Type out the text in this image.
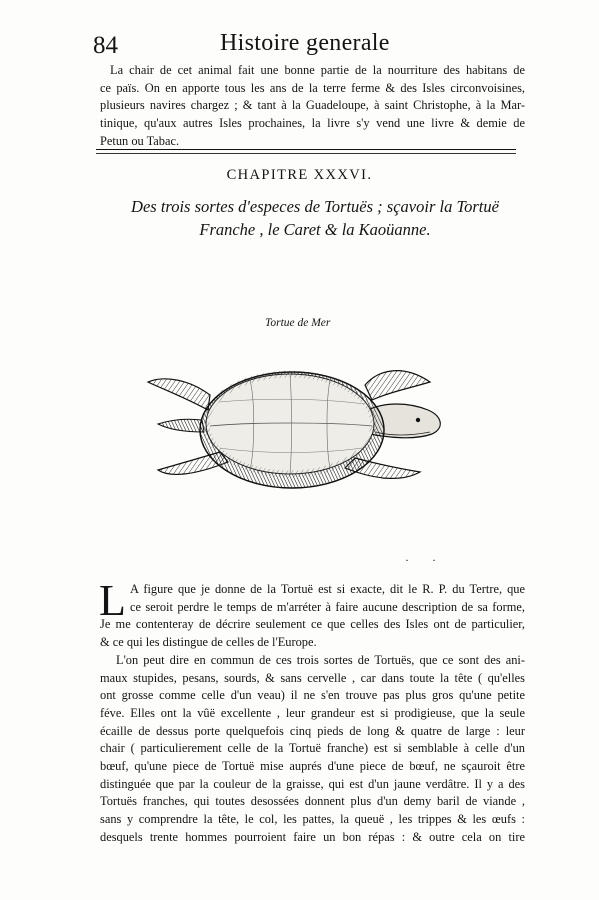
84	Histoire generale
La chair de cet animal fait une bonne partie de la nourriture des habitans de
ce païs. On en apporte tous les ans de la terre ferme & des Isles circonvoisines,
plusieurs navires chargez ; & tant à la Guadeloupe, à saint Christophe, à la Mar-
tinique, qu'aux autres Isles prochaines, la livre s'y vend une livre & demie de
Petun ou Tabac.
CHAPITRE XXXVI.
Des trois sortes d'especes de Tortuës ; sçavoir la Tortuë
Franche , le Caret & la Kaoüanne.
Tortue de Mer
· ·
L A figure que je donne de la Tortuë est si exacte, dit le R. P. du Tertre, que
ce seroit perdre le temps de m'arréter à faire aucune description de sa forme,
Je me contenteray de décrire seulement ce que celles des Isles ont de particulier,
& ce qui les distingue de celles de l'Europe.
L'on peut dire en commun de ces trois sortes de Tortuës, que ce sont des ani-
maux stupides, pesans, sourds, & sans cervelle , car dans toute la tête ( qu'elles
ont grosse comme celle d'un veau) il ne s'en trouve pas plus gros qu'une petite
féve. Elles ont la vûë excellente , leur grandeur est si prodigieuse, que la seule
écaille de dessus porte quelquefois cinq pieds de long & quatre de large : leur
chair ( particulierement celle de la Tortuë franche) est si semblable à celle d'un
bœuf, qu'une piece de Tortuë mise auprés d'une piece de bœuf, ne sçauroit être
distinguée que par la couleur de la graisse, qui est d'un jaune verdâtre. Il y a des
Tortuës franches, qui toutes desossées donnent plus d'un demy baril de viande ,
sans y comprendre la tête, le col, les pattes, la queuë , les trippes & les œufs :
desquels trente hommes pourroient faire un bon répas : & outre cela on tire
